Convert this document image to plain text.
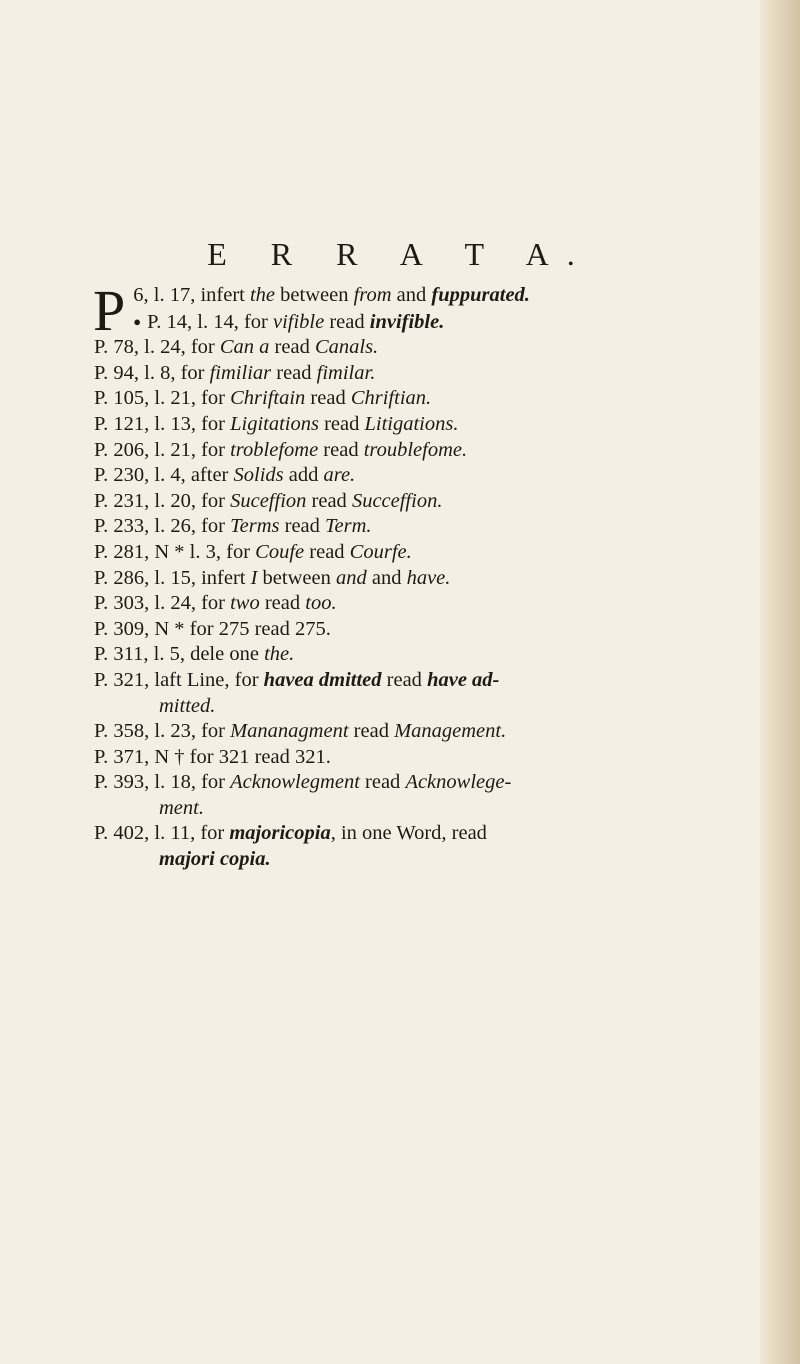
E R R A T A.
P 6, l. 17, infert the between from and fuppurated.
● P. 14, l. 14, for vifible read invifible.
P. 78, l. 24, for Can a read Canals.
P. 94, l. 8, for fimiliar read fimilar.
P. 105, l. 21, for Chriftain read Chriftian.
P. 121, l. 13, for Ligitations read Litigations.
P. 206, l. 21, for troblefome read troublefome.
P. 230, l. 4, after Solids add are.
P. 231, l. 20, for Suceffion read Succeffion.
P. 233, l. 26, for Terms read Term.
P. 281, N * l. 3, for Coufe read Courfe.
P. 286, l. 15, infert I between and and have.
P. 303, l. 24, for two read too.
P. 309, N * for 275 read 275.
P. 311, l. 5, dele one the.
P. 321, laft Line, for havea dmitted read have ad-
mitted.
P. 358, l. 23, for Mananagment read Management.
P. 371, N † for 321 read 321.
P. 393, l. 18, for Acknowlegment read Acknowlege-
ment.
P. 402, l. 11, for majoricopia, in one Word, read
majori copia.
